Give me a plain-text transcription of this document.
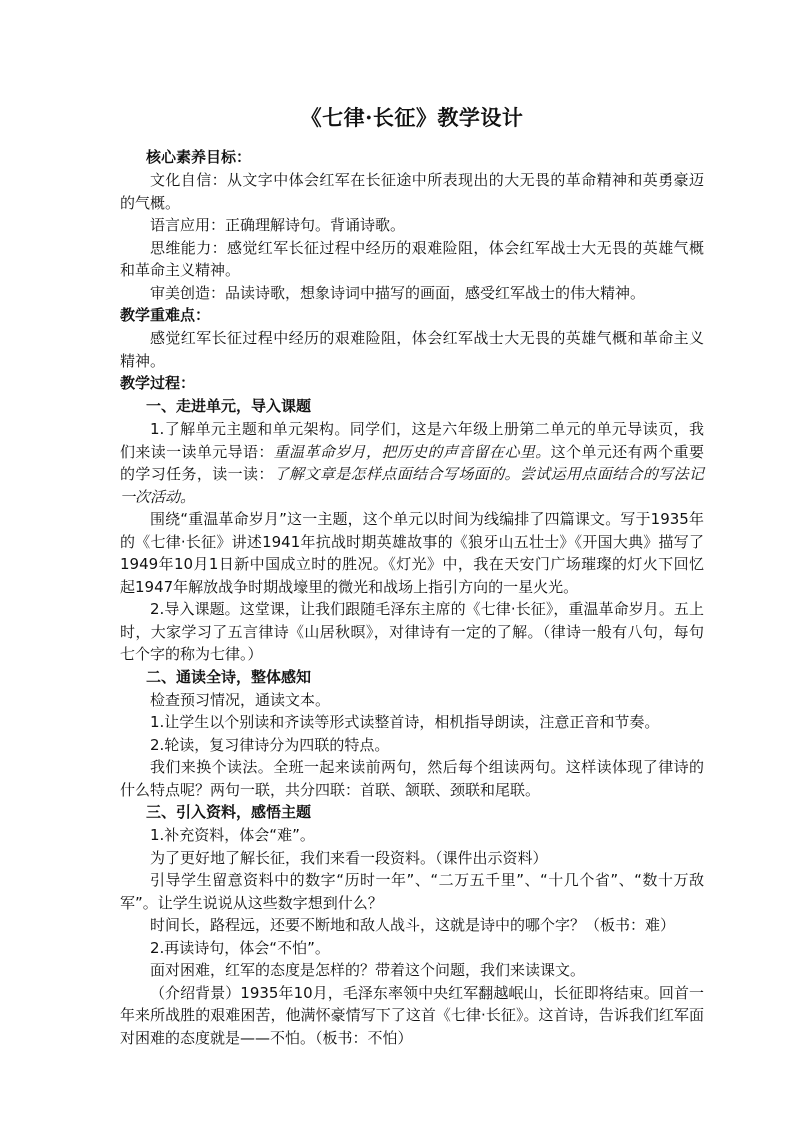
《七律·长征》教学设计

核心素养目标：

文化自信：从文字中体会红军在长征途中所表现出的大无畏的革命精神和英勇豪迈的气概。

语言应用：正确理解诗句。背诵诗歌。

思维能力：感觉红军长征过程中经历的艰难险阻，体会红军战士大无畏的英雄气概和革命主义精神。

审美创造：品读诗歌，想象诗词中描写的画面，感受红军战士的伟大精神。

教学重难点：

感觉红军长征过程中经历的艰难险阻，体会红军战士大无畏的英雄气概和革命主义精神。

教学过程：

一、走进单元，导入课题

1.了解单元主题和单元架构。同学们，这是六年级上册第二单元的单元导读页，我们来读一读单元导语：重温革命岁月，把历史的声音留在心里。这个单元还有两个重要的学习任务，读一读：了解文章是怎样点面结合写场面的。尝试运用点面结合的写法记一次活动。

围绕“重温革命岁月”这一主题，这个单元以时间为线编排了四篇课文。写于1935年的《七律·长征》讲述1941年抗战时期英雄故事的《狼牙山五壮士》《开国大典》描写了1949年10月1日新中国成立时的胜况。《灯光》中，我在天安门广场璀璨的灯火下回忆起1947年解放战争时期战壕里的微光和战场上指引方向的一星火光。

2.导入课题。这堂课，让我们跟随毛泽东主席的《七律·长征》，重温革命岁月。五上时，大家学习了五言律诗《山居秋暝》，对律诗有一定的了解。（律诗一般有八句，每句七个字的称为七律。）

二、通读全诗，整体感知

检查预习情况，通读文本。

1.让学生以个别读和齐读等形式读整首诗，相机指导朗读，注意正音和节奏。

2.轮读，复习律诗分为四联的特点。

我们来换个读法。全班一起来读前两句，然后每个组读两句。这样读体现了律诗的什么特点呢？两句一联，共分四联：首联、颔联、颈联和尾联。

三、引入资料，感悟主题

1.补充资料，体会“难”。

为了更好地了解长征，我们来看一段资料。（课件出示资料）

引导学生留意资料中的数字“历时一年”、“二万五千里”、“十几个省”、“数十万敌军”。让学生说说从这些数字想到什么？

时间长，路程远，还要不断地和敌人战斗，这就是诗中的哪个字？（板书：难）

2.再读诗句，体会“不怕”。

面对困难，红军的态度是怎样的？带着这个问题，我们来读课文。

（介绍背景）1935年10月，毛泽东率领中央红军翻越岷山，长征即将结束。回首一年来所战胜的艰难困苦，他满怀豪情写下了这首《七律·长征》。这首诗，告诉我们红军面对困难的态度就是——不怕。（板书：不怕）
